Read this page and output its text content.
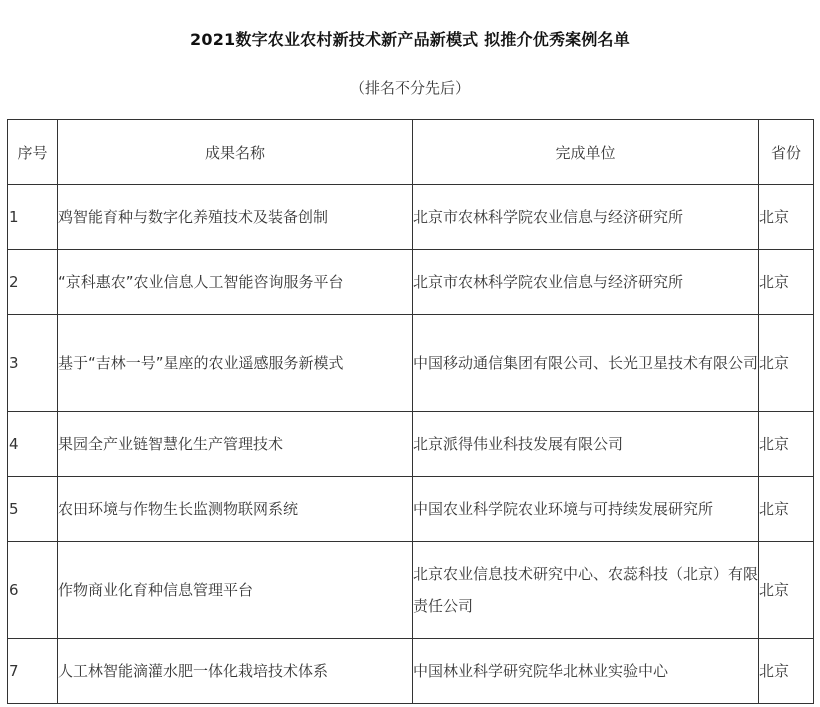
2021数字农业农村新技术新产品新模式 拟推介优秀案例名单
（排名不分先后）
序号	成果名称	完成单位	省份
1	鸡智能育种与数字化养殖技术及装备创制	北京市农林科学院农业信息与经济研究所	北京
2	“京科惠农”农业信息人工智能咨询服务平台	北京市农林科学院农业信息与经济研究所	北京
3	基于“吉林一号”星座的农业遥感服务新模式	中国移动通信集团有限公司、长光卫星技术有限公司	北京
4	果园全产业链智慧化生产管理技术	北京派得伟业科技发展有限公司	北京
5	农田环境与作物生长监测物联网系统	中国农业科学院农业环境与可持续发展研究所	北京
6	作物商业化育种信息管理平台	北京农业信息技术研究中心、农蕊科技（北京）有限责任公司	北京
7	人工林智能滴灌水肥一体化栽培技术体系	中国林业科学研究院华北林业实验中心	北京
